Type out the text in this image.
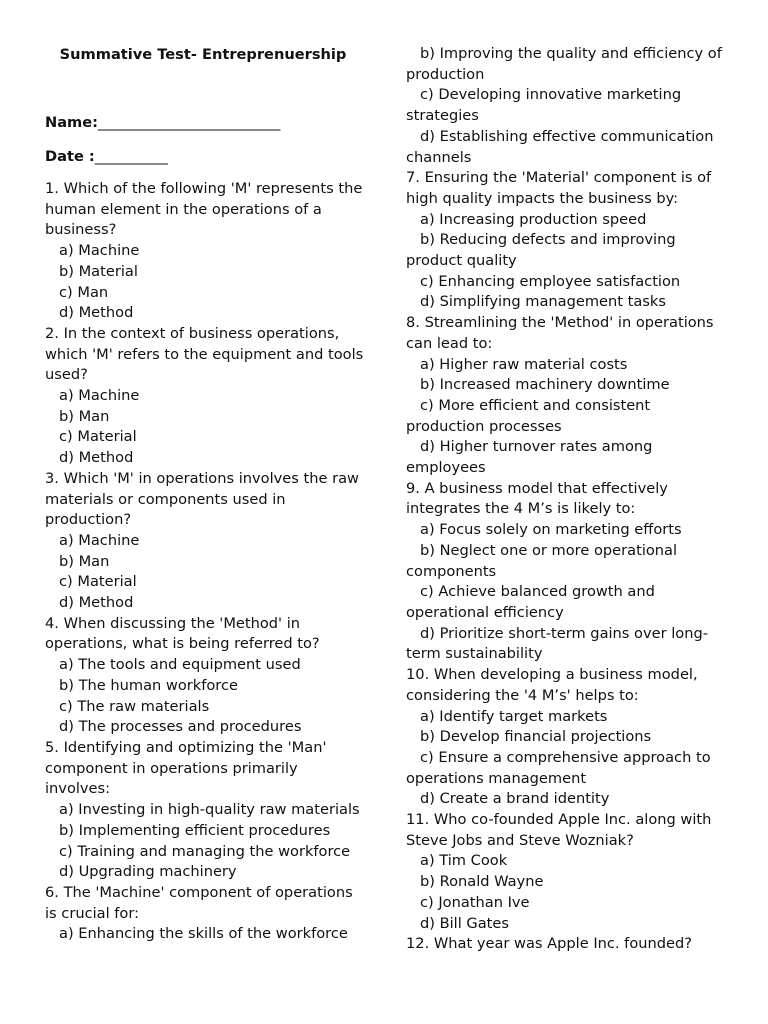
Summative Test- Entreprenuership
Name:_________________________
Date :__________
1. Which of the following 'M' represents the human element in the operations of a business?
a) Machine
b) Material
c) Man
d) Method
2. In the context of business operations, which 'M' refers to the equipment and tools used?
a) Machine
b) Man
c) Material
d) Method
3. Which 'M' in operations involves the raw materials or components used in production?
a) Machine
b) Man
c) Material
d) Method
4. When discussing the 'Method' in operations, what is being referred to?
a) The tools and equipment used
b) The human workforce
c) The raw materials
d) The processes and procedures
5. Identifying and optimizing the 'Man' component in operations primarily involves:
a) Investing in high-quality raw materials
b) Implementing efficient procedures
c) Training and managing the workforce
d) Upgrading machinery
6. The 'Machine' component of operations is crucial for:
a) Enhancing the skills of the workforce
b) Improving the quality and efficiency of production
c) Developing innovative marketing strategies
d) Establishing effective communication channels
7. Ensuring the 'Material' component is of high quality impacts the business by:
a) Increasing production speed
b) Reducing defects and improving product quality
c) Enhancing employee satisfaction
d) Simplifying management tasks
8. Streamlining the 'Method' in operations can lead to:
a) Higher raw material costs
b) Increased machinery downtime
c) More efficient and consistent production processes
d) Higher turnover rates among employees
9. A business model that effectively integrates the 4 M’s is likely to:
a) Focus solely on marketing efforts
b) Neglect one or more operational components
c) Achieve balanced growth and operational efficiency
d) Prioritize short-term gains over long-term sustainability
10. When developing a business model, considering the '4 M’s' helps to:
a) Identify target markets
b) Develop financial projections
c) Ensure a comprehensive approach to operations management
d) Create a brand identity
11. Who co-founded Apple Inc. along with Steve Jobs and Steve Wozniak?
a) Tim Cook
b) Ronald Wayne
c) Jonathan Ive
d) Bill Gates
12. What year was Apple Inc. founded?
